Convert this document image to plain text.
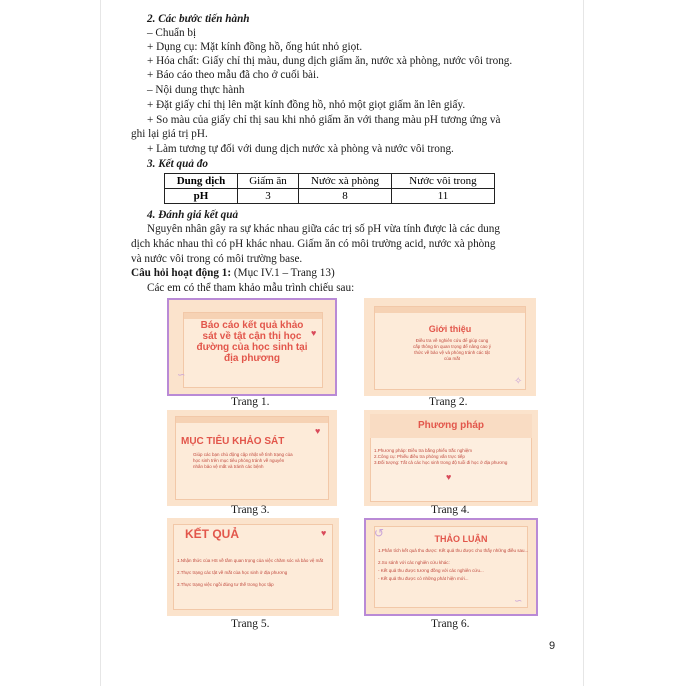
2. Các bước tiến hành
– Chuẩn bị
+ Dụng cụ: Mặt kính đồng hồ, ống hút nhỏ giọt.
+ Hóa chất: Giấy chỉ thị màu, dung dịch giấm ăn, nước xà phòng, nước vôi trong.
+ Báo cáo theo mẫu đã cho ở cuối bài.
– Nội dung thực hành
+ Đặt giấy chỉ thị lên mặt kính đồng hồ, nhỏ một giọt giấm ăn lên giấy.
+ So màu của giấy chỉ thị sau khi nhỏ giấm ăn với thang màu pH tương ứng và
ghi lại giá trị pH.
+ Làm tương tự đối với dung dịch nước xà phòng và nước vôi trong.
3. Kết quả đo
Dung dịch	Giấm ăn	Nước xà phòng	Nước vôi trong
pH	3	8	11
4. Đánh giá kết quả
Nguyên nhân gây ra sự khác nhau giữa các trị số pH vừa tính được là các dung
dịch khác nhau thì có pH khác nhau. Giấm ăn có môi trường acid, nước xà phòng
và nước vôi trong có môi trường base.
Câu hỏi hoạt động 1: (Mục IV.1 – Trang 13)
Các em có thể tham khảo mẫu trình chiếu sau:
Báo cáo kết quả khảo sát về tật cận thị học đường của học sinh tại địa phương
♥
∽
Trang 1.
Giới thiệu
Điều tra về nghiên cứu để giúp cung cấp thông tin quan trọng để nâng cao ý thức về bảo vệ và phòng tránh các tật của mắt
✧
Trang 2.
MỤC TIÊU KHẢO SÁT
Giúp các bạn chủ động cập nhật về tình trạng của học sinh trên mục tiêu phòng tránh về nguyên nhân bảo vệ mắt và tránh các bệnh
♥
Trang 3.
Phương pháp
1.Phương pháp: Điều tra bằng phiếu trắc nghiệm
2.Công cụ: Phiếu điều tra phỏng vấn trực tiếp
3.Đối tượng: Tất cả các học sinh trong độ tuổi đi học ở địa phương
♥
Trang 4.
KẾT QUẢ
1.Nhận thức của HS về tầm quan trọng của việc chăm sóc và bảo vệ mắt
2.Thực trạng các tật về mắt của học sinh ở địa phương
3.Thực trạng việc ngồi đúng tư thế trong học tập
♥
Trang 5.
↺	THẢO LUẬN
1.Phân tích kết quả thu được: Kết quả thu được cho thấy những điều sau...
2.So sánh với các nghiên cứu khác:
- Kết quả thu được tương đồng với các nghiên cứu...
- Kết quả thu được có những phát hiện mới...
∽
Trang 6.
9
